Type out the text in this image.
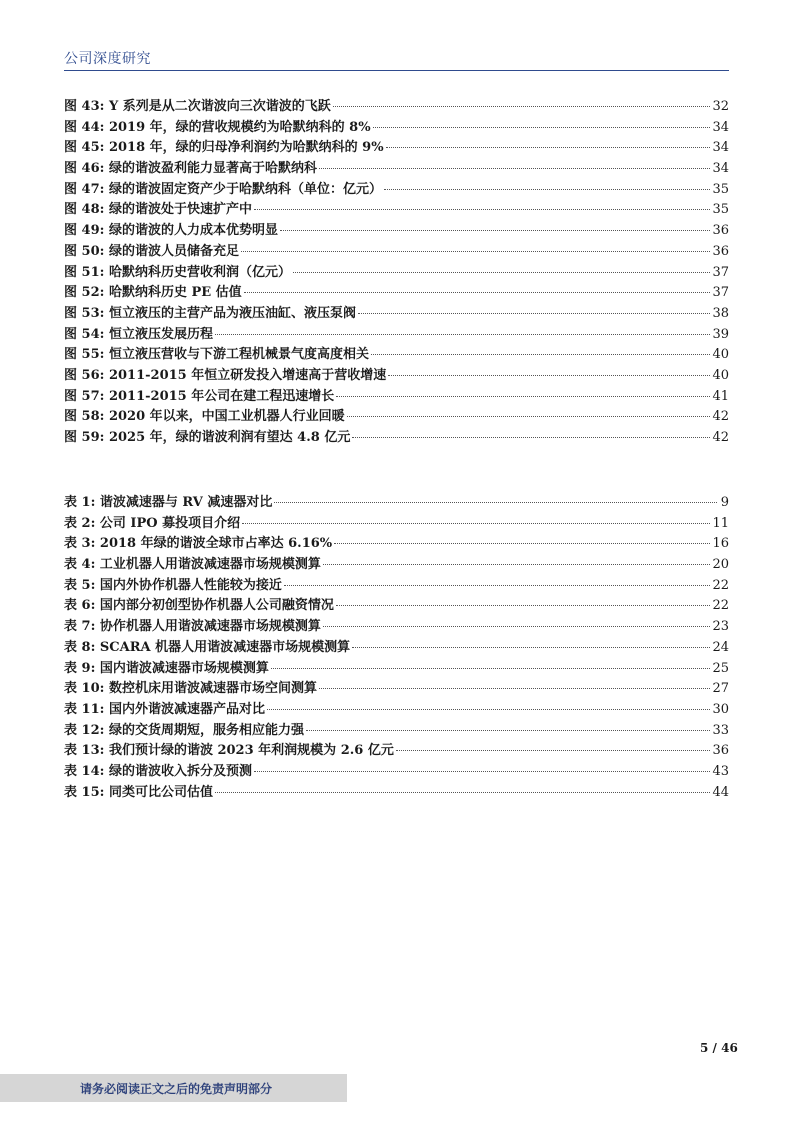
公司深度研究
图 43: Y 系列是从二次谐波向三次谐波的飞跃	32
图 44: 2019 年，绿的营收规模约为哈默纳科的 8%	34
图 45: 2018 年，绿的归母净利润约为哈默纳科的 9%	34
图 46: 绿的谐波盈利能力显著高于哈默纳科	34
图 47: 绿的谐波固定资产少于哈默纳科（单位：亿元）	35
图 48: 绿的谐波处于快速扩产中	35
图 49: 绿的谐波的人力成本优势明显	36
图 50: 绿的谐波人员储备充足	36
图 51: 哈默纳科历史营收利润（亿元）	37
图 52: 哈默纳科历史 PE 估值	37
图 53: 恒立液压的主营产品为液压油缸、液压泵阀	38
图 54: 恒立液压发展历程	39
图 55: 恒立液压营收与下游工程机械景气度高度相关	40
图 56: 2011-2015 年恒立研发投入增速高于营收增速	40
图 57: 2011-2015 年公司在建工程迅速增长	41
图 58: 2020 年以来，中国工业机器人行业回暖	42
图 59: 2025 年，绿的谐波利润有望达 4.8 亿元	42
表 1: 谐波减速器与 RV 减速器对比	9
表 2: 公司 IPO 募投项目介绍	11
表 3: 2018 年绿的谐波全球市占率达 6.16%	16
表 4: 工业机器人用谐波减速器市场规模测算	20
表 5: 国内外协作机器人性能较为接近	22
表 6: 国内部分初创型协作机器人公司融资情况	22
表 7: 协作机器人用谐波减速器市场规模测算	23
表 8: SCARA 机器人用谐波减速器市场规模测算	24
表 9: 国内谐波减速器市场规模测算	25
表 10: 数控机床用谐波减速器市场空间测算	27
表 11: 国内外谐波减速器产品对比	30
表 12: 绿的交货周期短，服务相应能力强	33
表 13: 我们预计绿的谐波 2023 年利润规模为 2.6 亿元	36
表 14: 绿的谐波收入拆分及预测	43
表 15: 同类可比公司估值	44
5 / 46
请务必阅读正文之后的免责声明部分
